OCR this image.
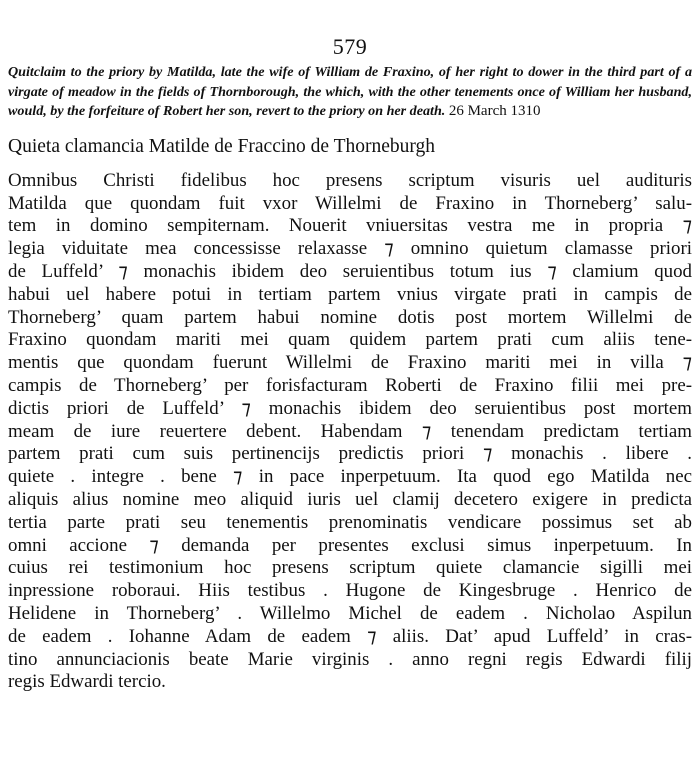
579
Quitclaim to the priory by Matilda, late the wife of William de Fraxino, of her right to dower in the third part of a virgate of meadow in the fields of Thornborough, the which, with the other tenements once of William her husband, would, by the forfeiture of Robert her son, revert to the priory on her death. 26 March 1310
Quieta clamancia Matilde de Fraccino de Thorneburgh
Omnibus Christi fidelibus hoc presens scriptum visuris uel audituris
Matilda que quondam fuit vxor Willelmi de Fraxino in Thorneberg’ salu-
tem in domino sempiternam. Nouerit vniuersitas vestra me in propria ⁊
legia viduitate mea concessisse relaxasse ⁊ omnino quietum clamasse priori
de Luffeld’ ⁊ monachis ibidem deo seruientibus totum ius ⁊ clamium quod
habui uel habere potui in tertiam partem vnius virgate prati in campis de
Thorneberg’ quam partem habui nomine dotis post mortem Willelmi de
Fraxino quondam mariti mei quam quidem partem prati cum aliis tene-
mentis que quondam fuerunt Willelmi de Fraxino mariti mei in villa ⁊
campis de Thorneberg’ per forisfacturam Roberti de Fraxino filii mei pre-
dictis priori de Luffeld’ ⁊ monachis ibidem deo seruientibus post mortem
meam de iure reuertere debent. Habendam ⁊ tenendam predictam tertiam
partem prati cum suis pertinencijs predictis priori ⁊ monachis . libere .
quiete . integre . bene ⁊ in pace inperpetuum. Ita quod ego Matilda nec
aliquis alius nomine meo aliquid iuris uel clamij decetero exigere in predicta
tertia parte prati seu tenementis prenominatis vendicare possimus set ab
omni accione ⁊ demanda per presentes exclusi simus inperpetuum. In
cuius rei testimonium hoc presens scriptum quiete clamancie sigilli mei
inpressione roboraui. Hiis testibus . Hugone de Kingesbruge . Henrico de
Helidene in Thorneberg’ . Willelmo Michel de eadem . Nicholao Aspilun
de eadem . Iohanne Adam de eadem ⁊ aliis. Dat’ apud Luffeld’ in cras-
tino annunciacionis beate Marie virginis . anno regni regis Edwardi filij
regis Edwardi tercio.
